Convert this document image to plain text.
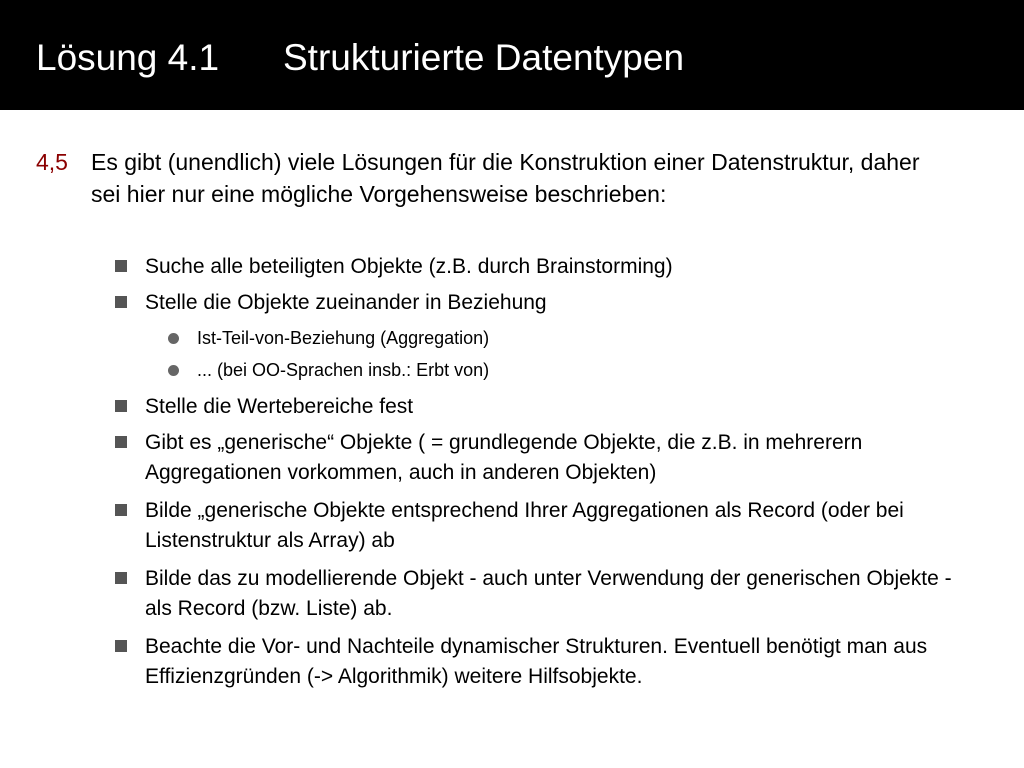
Lösung 4.1 Strukturierte Datentypen
4,5 Es gibt (unendlich) viele Lösungen für die Konstruktion einer Datenstruktur, daher sei hier nur eine mögliche Vorgehensweise beschrieben:
Suche alle beteiligten Objekte (z.B. durch Brainstorming)
Stelle die Objekte zueinander in Beziehung
Ist-Teil-von-Beziehung (Aggregation)
... (bei OO-Sprachen insb.: Erbt von)
Stelle die Wertebereiche fest
Gibt es „generische“ Objekte ( = grundlegende Objekte, die z.B. in mehrerern Aggregationen vorkommen, auch in anderen Objekten)
Bilde „generische Objekte entsprechend Ihrer Aggregationen als Record (oder bei Listenstruktur als Array) ab
Bilde das zu modellierende Objekt - auch unter Verwendung der generischen Objekte -als Record (bzw. Liste) ab.
Beachte die Vor- und Nachteile dynamischer Strukturen. Eventuell benötigt man aus Effizienzgründen (-> Algorithmik) weitere Hilfsobjekte.
